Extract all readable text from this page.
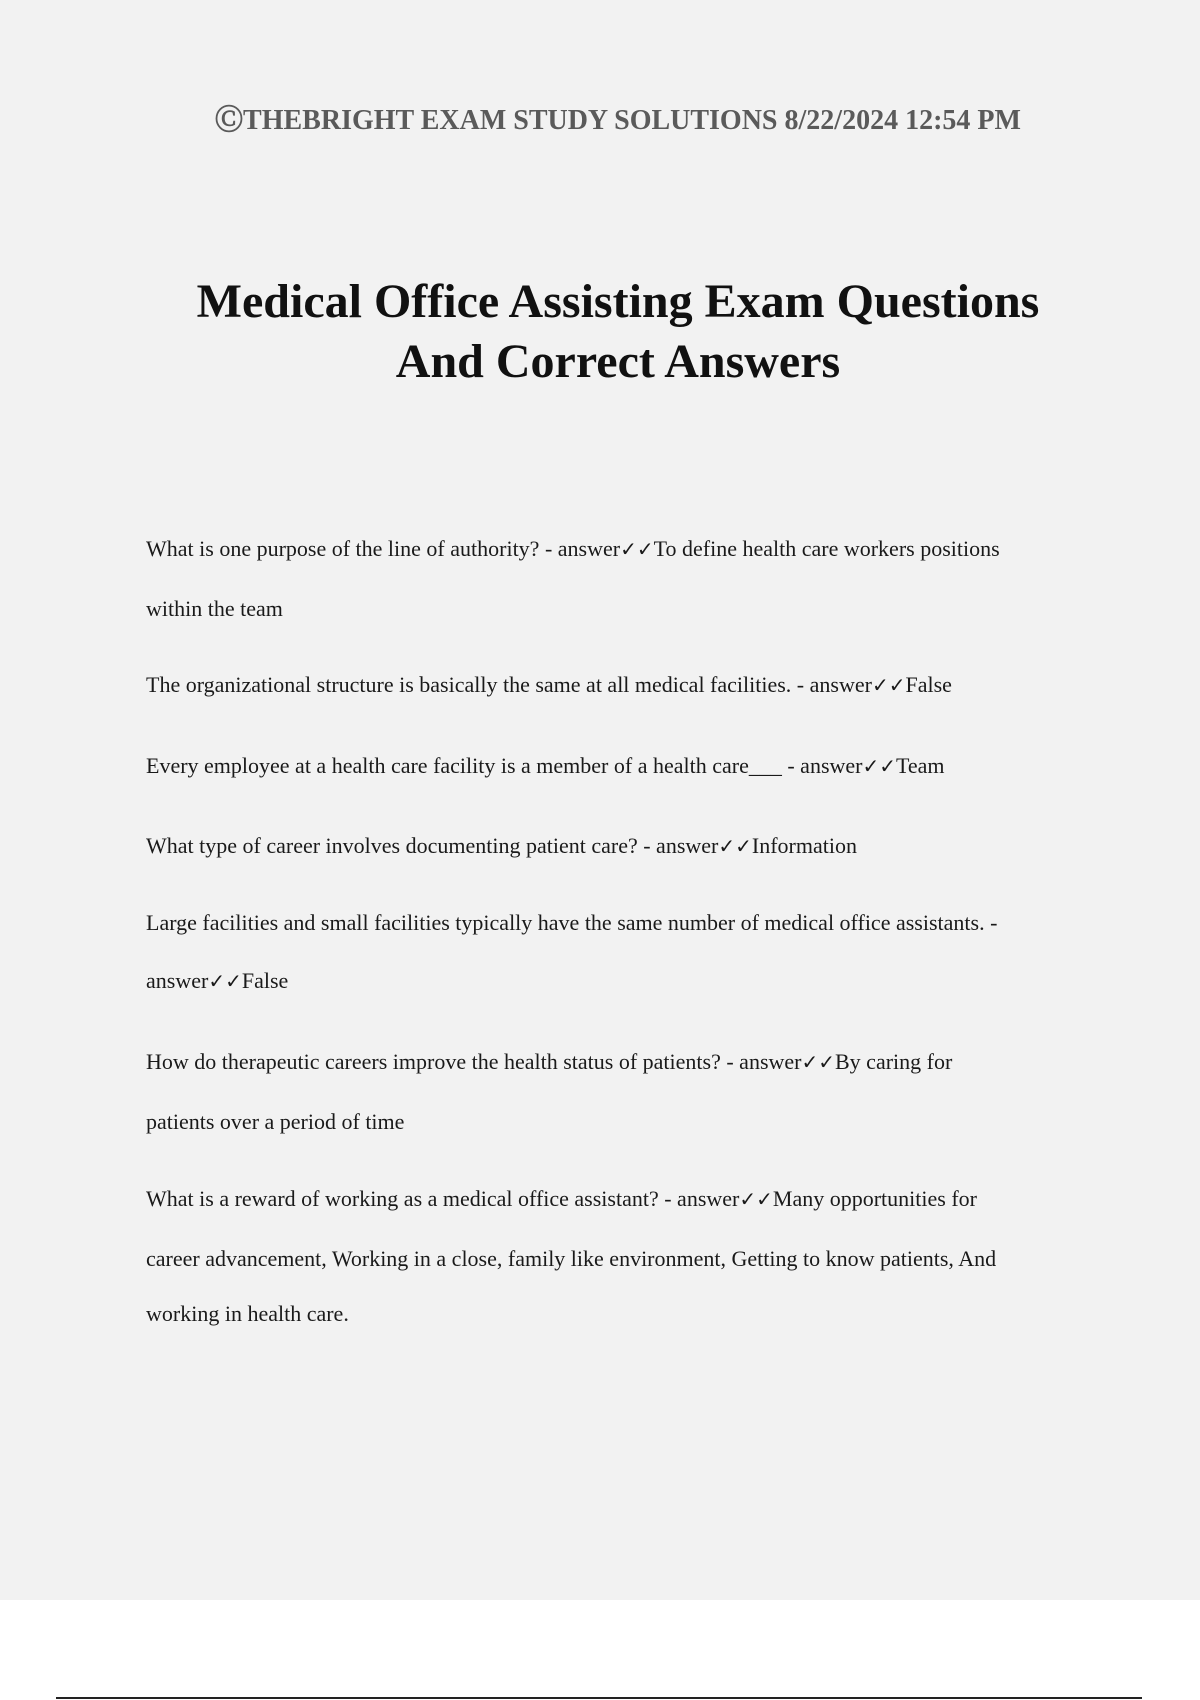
ⒸTHEBRIGHT EXAM STUDY SOLUTIONS 8/22/2024 12:54 PM
Medical Office Assisting Exam Questions
And Correct Answers
What is one purpose of the line of authority? - answer✓✓To define health care workers positions
within the team
The organizational structure is basically the same at all medical facilities. - answer✓✓False
Every employee at a health care facility is a member of a health care___ - answer✓✓Team
What type of career involves documenting patient care? - answer✓✓Information
Large facilities and small facilities typically have the same number of medical office assistants. -
answer✓✓False
How do therapeutic careers improve the health status of patients? - answer✓✓By caring for
patients over a period of time
What is a reward of working as a medical office assistant? - answer✓✓Many opportunities for
career advancement, Working in a close, family like environment, Getting to know patients, And
working in health care.
